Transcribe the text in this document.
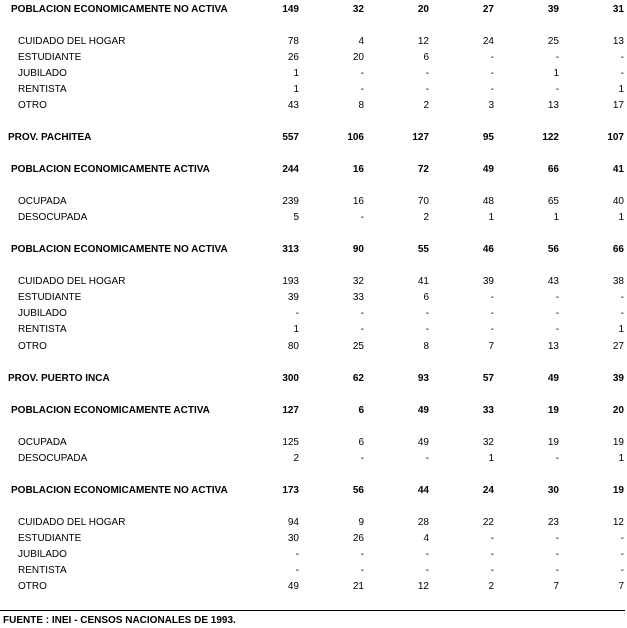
POBLACION ECONOMICAMENTE NO ACTIVA	149	32	20	27	39	31
CUIDADO DEL HOGAR	78	4	12	24	25	13
ESTUDIANTE	26	20	6	-	-	-
JUBILADO	1	-	-	-	1	-
RENTISTA	1	-	-	-	-	1
OTRO	43	8	2	3	13	17
PROV. PACHITEA	557	106	127	95	122	107
POBLACION ECONOMICAMENTE ACTIVA	244	16	72	49	66	41
OCUPADA	239	16	70	48	65	40
DESOCUPADA	5	-	2	1	1	1
POBLACION ECONOMICAMENTE NO ACTIVA	313	90	55	46	56	66
CUIDADO DEL HOGAR	193	32	41	39	43	38
ESTUDIANTE	39	33	6	-	-	-
JUBILADO	-	-	-	-	-	-
RENTISTA	1	-	-	-	-	1
OTRO	80	25	8	7	13	27
PROV. PUERTO INCA	300	62	93	57	49	39
POBLACION ECONOMICAMENTE ACTIVA	127	6	49	33	19	20
OCUPADA	125	6	49	32	19	19
DESOCUPADA	2	-	-	1	-	1
POBLACION ECONOMICAMENTE NO ACTIVA	173	56	44	24	30	19
CUIDADO DEL HOGAR	94	9	28	22	23	12
ESTUDIANTE	30	26	4	-	-	-
JUBILADO	-	-	-	-	-	-
RENTISTA	-	-	-	-	-	-
OTRO	49	21	12	2	7	7
FUENTE : INEI - CENSOS NACIONALES DE 1993.
